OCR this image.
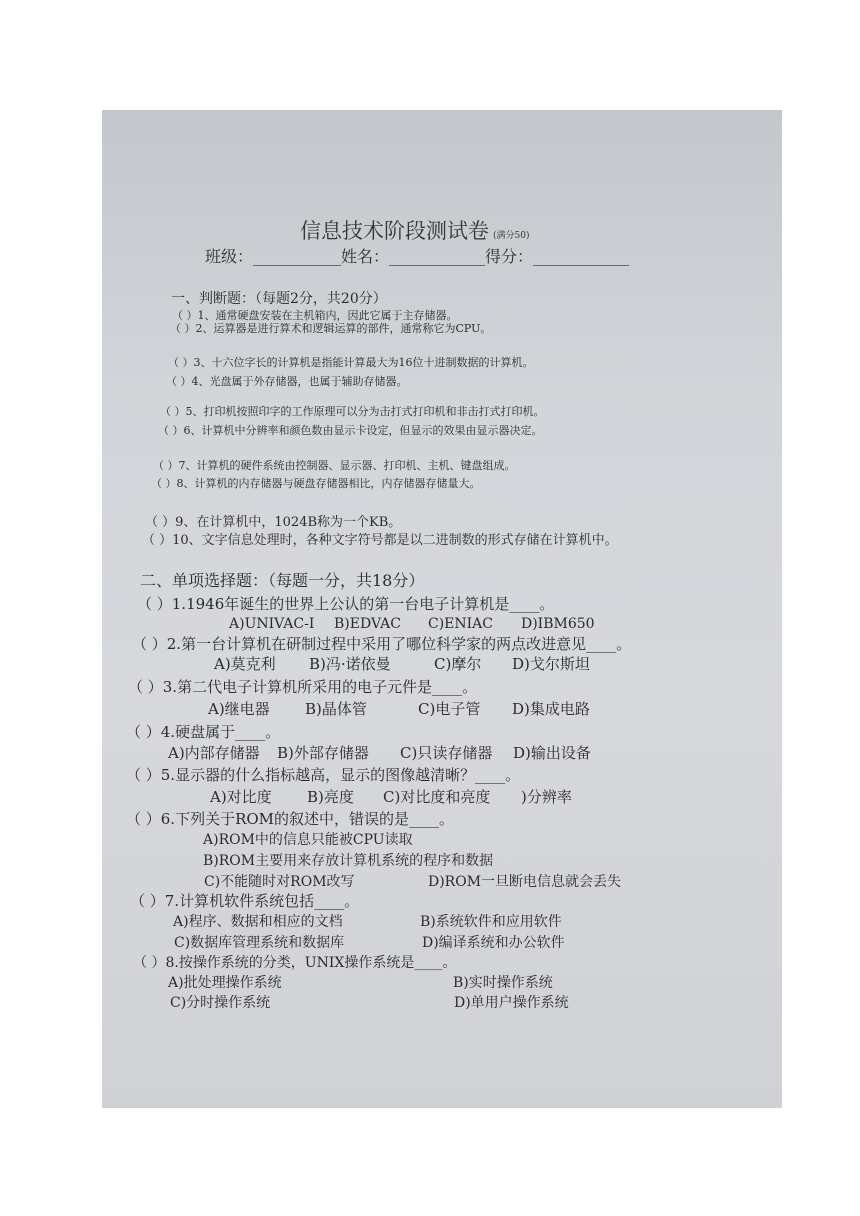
信息技术阶段测试卷 (满分50)
班级：___________姓名：____________得分：____________
一、判断题：（每题2分，共20分）
（ ）1、通常硬盘安装在主机箱内，因此它属于主存储器。
（ ）2、运算器是进行算术和逻辑运算的部件，通常称它为CPU。
（ ）3、十六位字长的计算机是指能计算最大为16位十进制数据的计算机。
（ ）4、光盘属于外存储器，也属于辅助存储器。
（ ）5、打印机按照印字的工作原理可以分为击打式打印机和非击打式打印机。
（ ）6、计算机中分辨率和颜色数由显示卡设定，但显示的效果由显示器决定。
（ ）7、计算机的硬件系统由控制器、显示器、打印机、主机、键盘组成。
（ ）8、计算机的内存储器与硬盘存储器相比，内存储器存储量大。
（ ）9、在计算机中，1024B称为一个KB。
（ ）10、文字信息处理时，各种文字符号都是以二进制数的形式存储在计算机中。
二、单项选择题：（每题一分，共18分）
（ ）1.1946年诞生的世界上公认的第一台电子计算机是____。
A)UNIVAC-I B)EDVAC C)ENIAC D)IBM650
（ ）2.第一台计算机在研制过程中采用了哪位科学家的两点改进意见____。
A)莫克利 B)冯·诺依曼	C)摩尔 D)戈尔斯坦
（ ）3.第二代电子计算机所采用的电子元件是____。
A)继电器 B)晶体管	C)电子管 D)集成电路
（ ）4.硬盘属于____。
A)内部存储器 B)外部存储器 C)只读存储器 D)输出设备
（ ）5.显示器的什么指标越高，显示的图像越清晰？____。
A)对比度 B)亮度 C)对比度和亮度 )分辨率
（ ）6.下列关于ROM的叙述中，错误的是____。
A)ROM中的信息只能被CPU读取
B)ROM主要用来存放计算机系统的程序和数据
C)不能随时对ROM改写	D)ROM一旦断电信息就会丢失
（ ）7.计算机软件系统包括____。
A)程序、数据和相应的文档	B)系统软件和应用软件
C)数据库管理系统和数据库	D)编译系统和办公软件
（ ）8.按操作系统的分类，UNIX操作系统是____。
A)批处理操作系统	B)实时操作系统
C)分时操作系统	D)单用户操作系统
